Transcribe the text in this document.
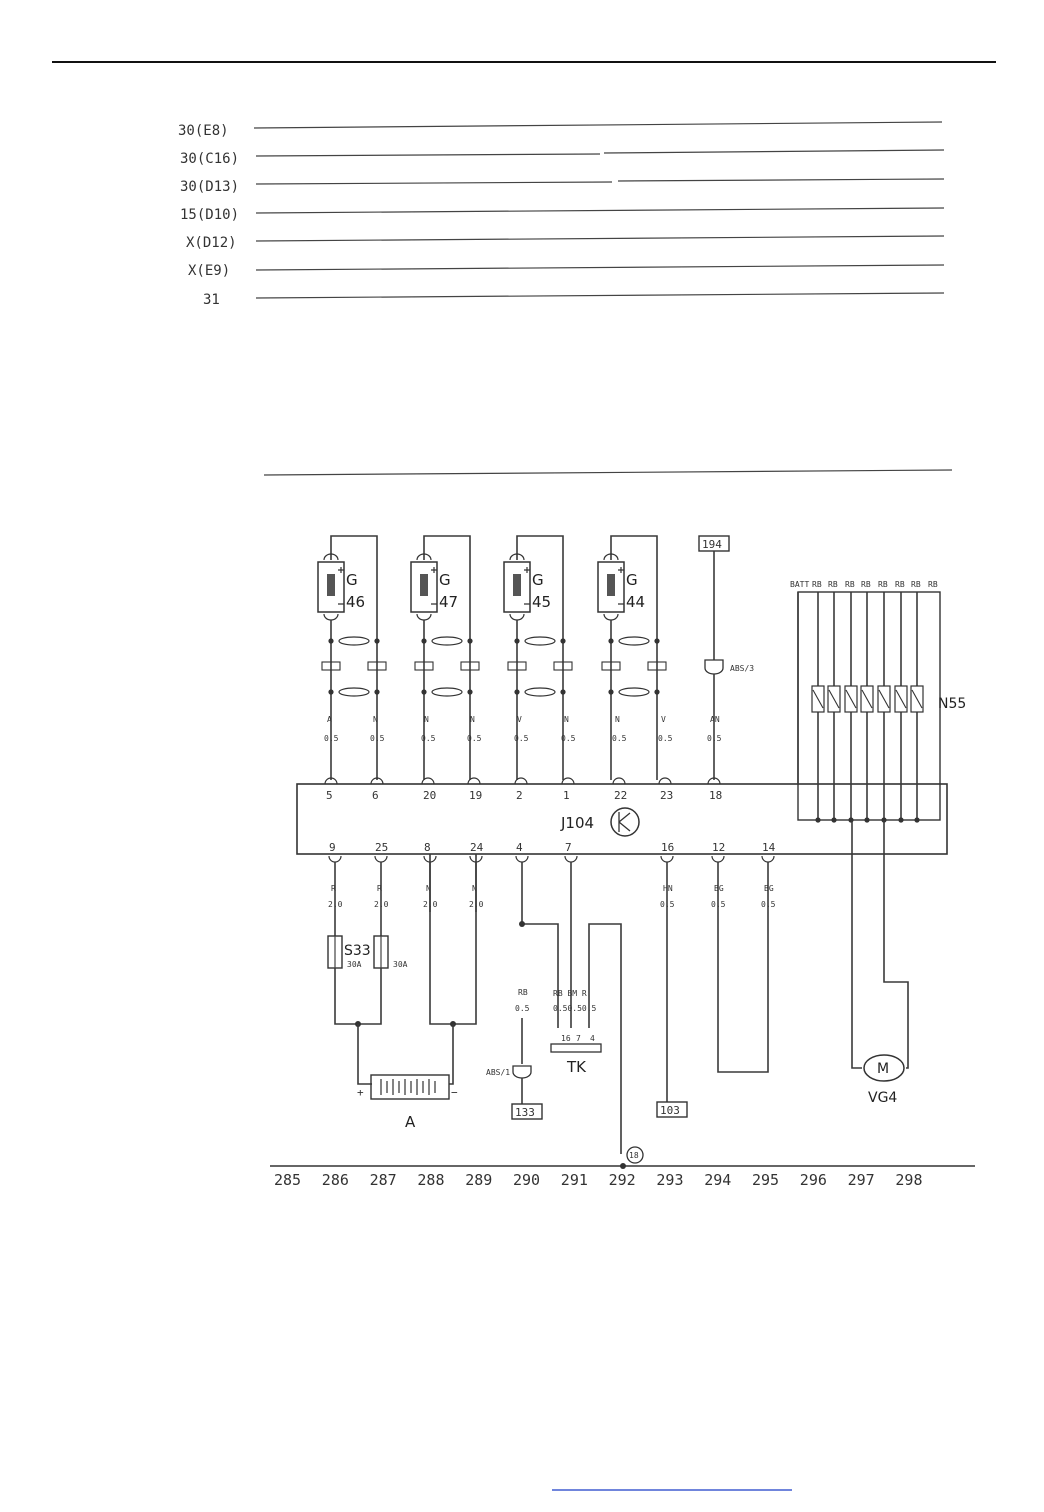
30(E8)
30(C16)
30(D13)
15(D10)
X(D12)
X(E9)
31
G
46
G
47
G
45
G
44
194
ABS/3
A
0.5
5
N
0.5
6
N
0.5
20
N
0.5
19
V
0.5
2
N
0.5
1
N
0.5
22
V
0.5
23
AN
0.5
18
J104
N55
BATT RB RB RB RB RB RB RB RB
9
R
2.0
25
R
2.0
8
N
2.0
24
N
2.0
4
RB
0.5
7	16
HN
0.5
12
BG
0.5
14
BG
0.5
S33
30A	30A
+	−
A
RB BM R
0.50.50.5
16 7 4
TK
ABS/1
133	103
M
VG4
18
285 286 287 288 289 290 291 292 293 294 295 296 297 298
